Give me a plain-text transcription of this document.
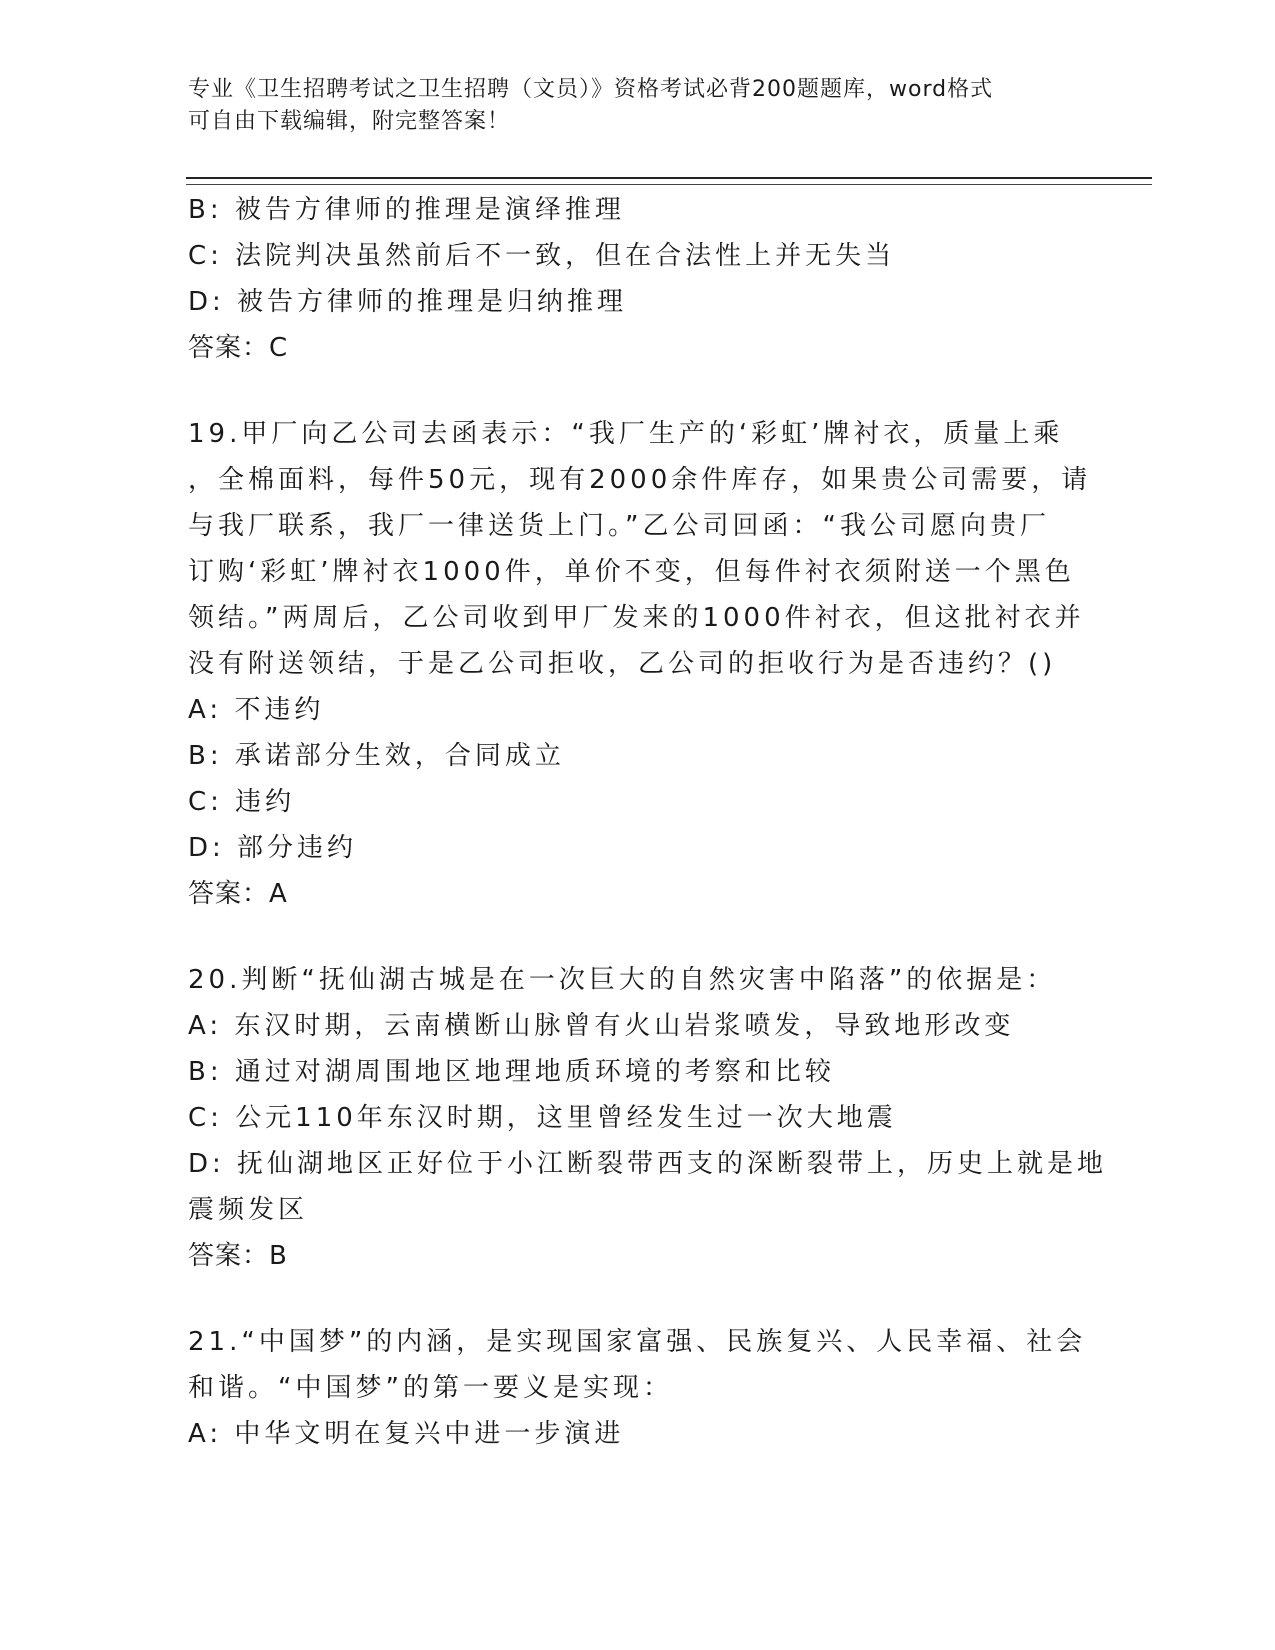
专业《卫生招聘考试之卫生招聘（文员）》资格考试必背200题题库，word格式
可自由下载编辑，附完整答案！
B: 被告方律师的推理是演绎推理
C: 法院判决虽然前后不一致，但在合法性上并无失当
D: 被告方律师的推理是归纳推理
答案：C
19.甲厂向乙公司去函表示：“我厂生产的‘彩虹’牌衬衣，质量上乘
，全棉面料，每件50元，现有2000余件库存，如果贵公司需要，请
与我厂联系，我厂一律送货上门。”乙公司回函：“我公司愿向贵厂
订购‘彩虹’牌衬衣1000件，单价不变，但每件衬衣须附送一个黑色
领结。”两周后，乙公司收到甲厂发来的1000件衬衣，但这批衬衣并
没有附送领结，于是乙公司拒收，乙公司的拒收行为是否违约？()
A: 不违约
B: 承诺部分生效，合同成立
C: 违约
D: 部分违约
答案：A
20.判断“抚仙湖古城是在一次巨大的自然灾害中陷落”的依据是：
A: 东汉时期，云南横断山脉曾有火山岩浆喷发，导致地形改变
B: 通过对湖周围地区地理地质环境的考察和比较
C: 公元110年东汉时期，这里曾经发生过一次大地震
D: 抚仙湖地区正好位于小江断裂带西支的深断裂带上，历史上就是地
震频发区
答案：B
21.“中国梦”的内涵，是实现国家富强、民族复兴、人民幸福、社会
和谐。“中国梦”的第一要义是实现：
A: 中华文明在复兴中进一步演进
